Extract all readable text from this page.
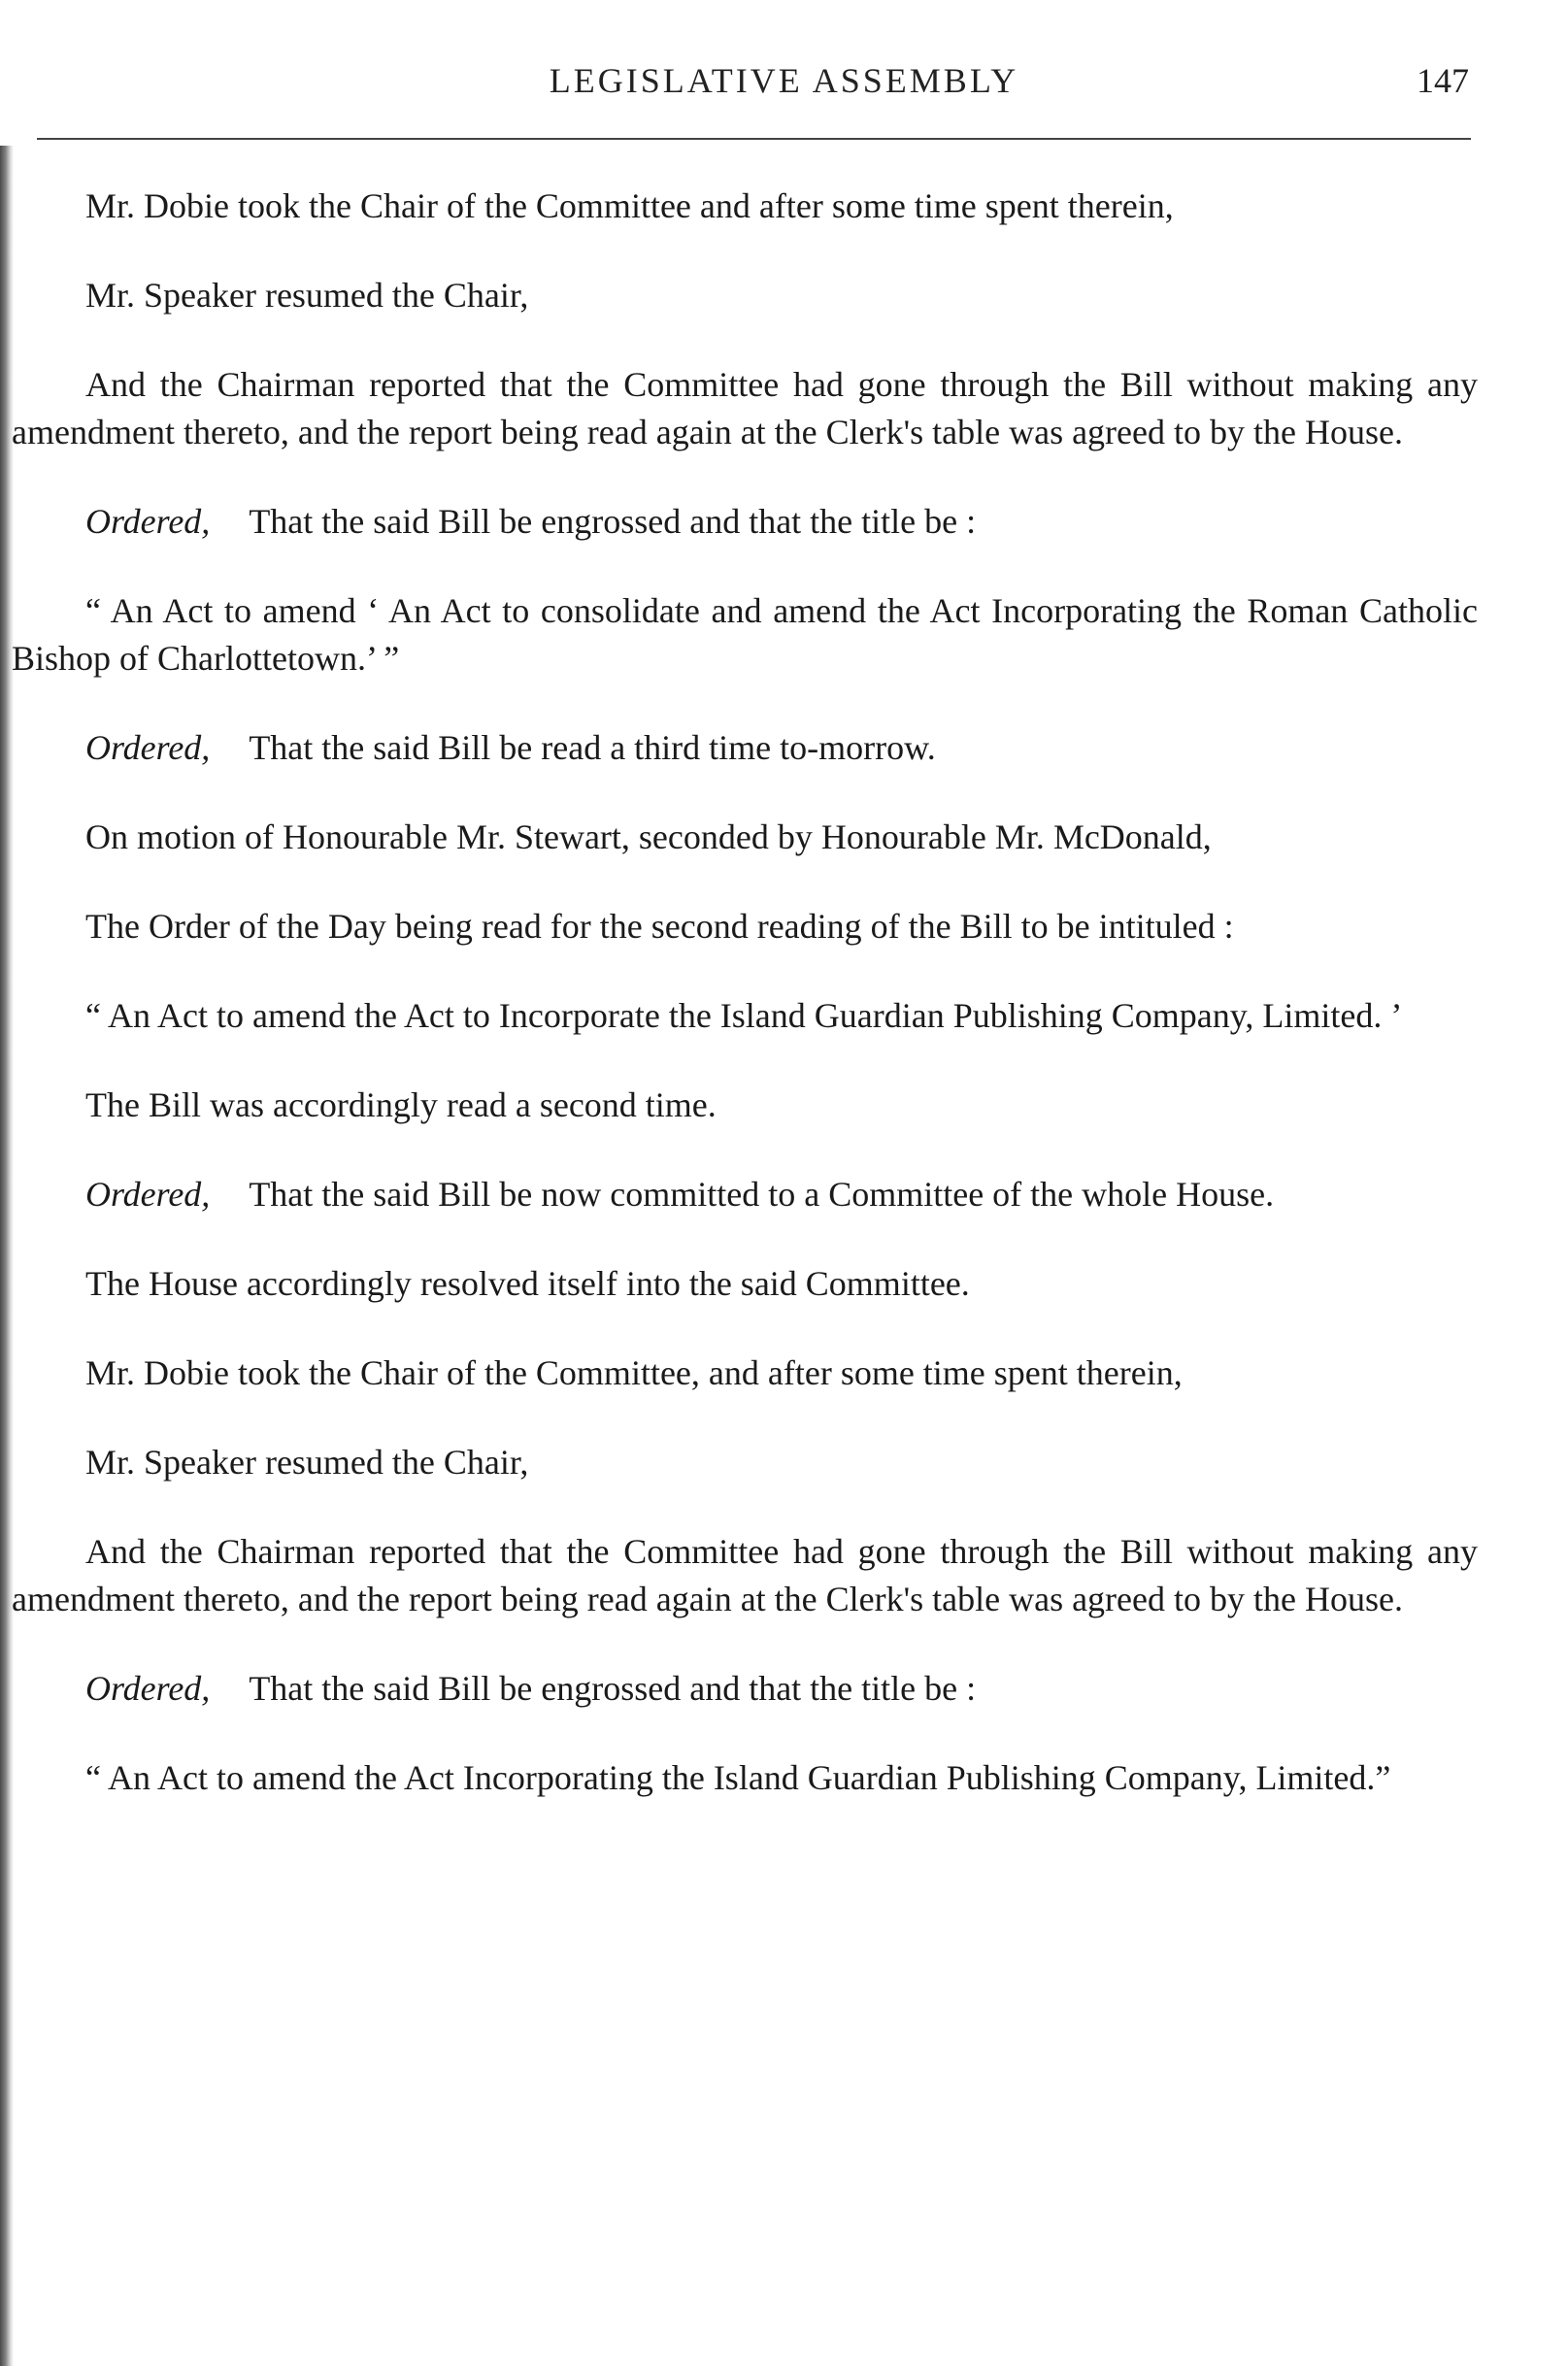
LEGISLATIVE ASSEMBLY	147

Mr. Dobie took the Chair of the Committee and after some time spent therein,

Mr. Speaker resumed the Chair,

And the Chairman reported that the Committee had gone through the Bill without making any amendment thereto, and the report being read again at the Clerk's table was agreed to by the House.

Ordered, That the said Bill be engrossed and that the title be :

“ An Act to amend ‘ An Act to consolidate and amend the Act Incorporating the Roman Catholic Bishop of Charlottetown.’ ”

Ordered, That the said Bill be read a third time to-morrow.

On motion of Honourable Mr. Stewart, seconded by Honourable Mr. McDonald,

The Order of the Day being read for the second reading of the Bill to be intituled :

“ An Act to amend the Act to Incorporate the Island Guardian Publishing Company, Limited. ’

The Bill was accordingly read a second time.

Ordered, That the said Bill be now committed to a Committee of the whole House.

The House accordingly resolved itself into the said Committee.

Mr. Dobie took the Chair of the Committee, and after some time spent therein,

Mr. Speaker resumed the Chair,

And the Chairman reported that the Committee had gone through the Bill without making any amendment thereto, and the report being read again at the Clerk's table was agreed to by the House.

Ordered, That the said Bill be engrossed and that the title be :

“ An Act to amend the Act Incorporating the Island Guardian Publishing Company, Limited.”
